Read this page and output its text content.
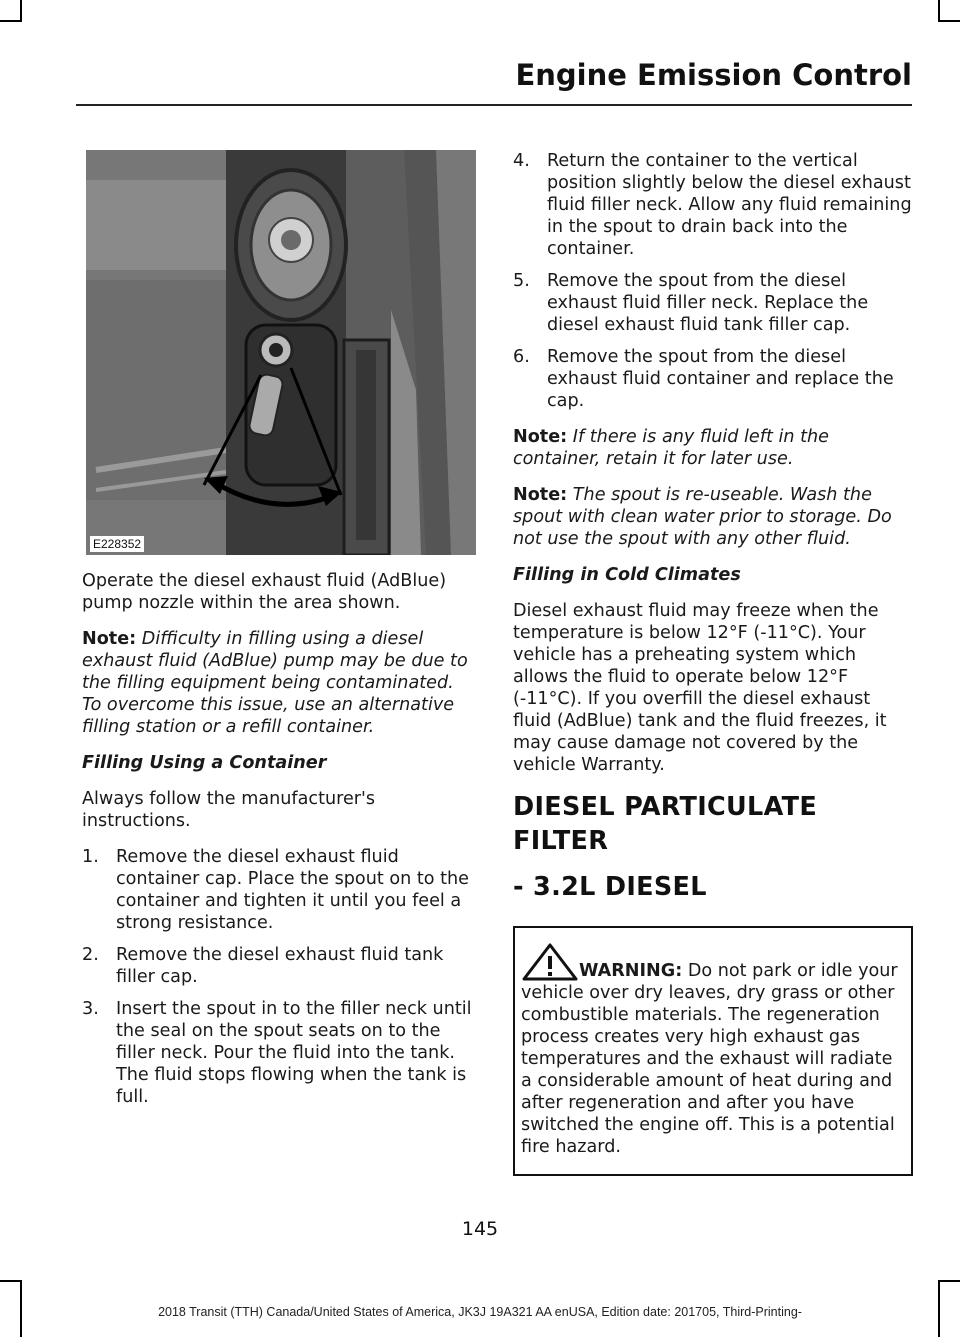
Engine Emission Control
E228352

Operate the diesel exhaust fluid (AdBlue) pump nozzle within the area shown.

Note: Difficulty in filling using a diesel exhaust fluid (AdBlue) pump may be due to the filling equipment being contaminated. To overcome this issue, use an alternative filling station or a refill container.

Filling Using a Container

Always follow the manufacturer's instructions.

1. Remove the diesel exhaust fluid container cap. Place the spout on to the container and tighten it until you feel a strong resistance.
2. Remove the diesel exhaust fluid tank filler cap.
3. Insert the spout in to the filler neck until the seal on the spout seats on to the filler neck. Pour the fluid into the tank. The fluid stops flowing when the tank is full.
4. Return the container to the vertical position slightly below the diesel exhaust fluid filler neck. Allow any fluid remaining in the spout to drain back into the container.
5. Remove the spout from the diesel exhaust fluid filler neck. Replace the diesel exhaust fluid tank filler cap.
6. Remove the spout from the diesel exhaust fluid container and replace the cap.

Note: If there is any fluid left in the container, retain it for later use.

Note: The spout is re-useable. Wash the spout with clean water prior to storage. Do not use the spout with any other fluid.

Filling in Cold Climates

Diesel exhaust fluid may freeze when the temperature is below 12°F (-11°C). Your vehicle has a preheating system which allows the fluid to operate below 12°F (-11°C). If you overfill the diesel exhaust fluid (AdBlue) tank and the fluid freezes, it may cause damage not covered by the vehicle Warranty.

DIESEL PARTICULATE FILTER
- 3.2L DIESEL
WARNING: Do not park or idle your vehicle over dry leaves, dry grass or other combustible materials. The regeneration process creates very high exhaust gas temperatures and the exhaust will radiate a considerable amount of heat during and after regeneration and after you have switched the engine off. This is a potential fire hazard.
145
2018 Transit (TTH) Canada/United States of America, JK3J 19A321 AA enUSA, Edition date: 201705, Third-Printing-
